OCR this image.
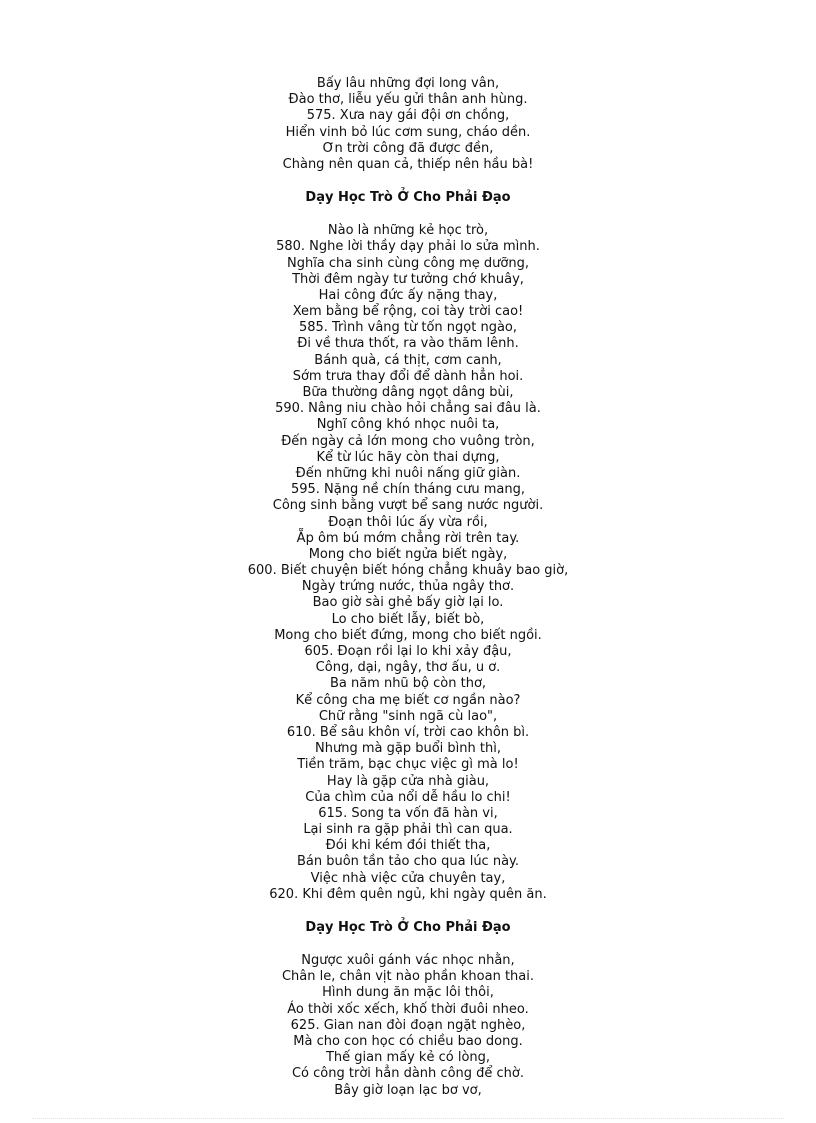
Bấy lâu những đợi long vân,
Đào thơ, liễu yếu gửi thân anh hùng.
575. Xưa nay gái đội ơn chồng,
Hiển vinh bỏ lúc cơm sung, cháo dền.
Ơn trời công đã được đền,
Chàng nên quan cả, thiếp nên hầu bà!
Dạy Học Trò Ở Cho Phải Đạo
Nào là những kẻ học trò,
580. Nghe lời thầy dạy phải lo sửa mình.
Nghĩa cha sinh cùng công mẹ dưỡng,
Thời đêm ngày tư tưởng chớ khuây,
Hai công đức ấy nặng thay,
Xem bằng bể rộng, coi tày trời cao!
585. Trình vâng từ tốn ngọt ngào,
Đi về thưa thốt, ra vào thăm lênh.
Bánh quà, cá thịt, cơm canh,
Sớm trưa thay đổi để dành hẳn hoi.
Bữa thường dâng ngọt dâng bùi,
590. Nâng niu chào hỏi chẳng sai đâu là.
Nghĩ công khó nhọc nuôi ta,
Đến ngày cả lớn mong cho vuông tròn,
Kể từ lúc hãy còn thai dựng,
Đến những khi nuôi nấng giữ giàn.
595. Nặng nề chín tháng cưu mang,
Công sinh bằng vượt bể sang nước người.
Đoạn thôi lúc ấy vừa rồi,
Ẵp ôm bú mớm chẳng rời trên tay.
Mong cho biết ngửa biết ngày,
600. Biết chuyện biết hóng chẳng khuây bao giờ,
Ngày trứng nước, thủa ngây thơ.
Bao giờ sài ghẻ bấy giờ lại lo.
Lo cho biết lẫy, biết bò,
Mong cho biết đứng, mong cho biết ngồi.
605. Đoạn rồi lại lo khi xảy đậu,
Công, dại, ngây, thơ ấu, u ơ.
Ba năm nhũ bộ còn thơ,
Kể công cha mẹ biết cơ ngần nào?
Chữ rằng "sinh ngã cù lao",
610. Bể sâu khôn ví, trời cao khôn bì.
Nhưng mà gặp buổi bình thì,
Tiền trăm, bạc chục việc gì mà lo!
Hay là gặp cửa nhà giàu,
Của chìm của nổi dễ hầu lo chi!
615. Song ta vốn đã hàn vi,
Lại sinh ra gặp phải thì can qua.
Đói khi kém đói thiết tha,
Bán buôn tần tảo cho qua lúc này.
Việc nhà việc cửa chuyên tay,
620. Khi đêm quên ngủ, khi ngày quên ăn.
Dạy Học Trò Ở Cho Phải Đạo
Ngược xuôi gánh vác nhọc nhằn,
Chân le, chân vịt nào phần khoan thai.
Hình dung ăn mặc lôi thôi,
Áo thời xốc xếch, khố thời đuôi nheo.
625. Gian nan đòi đoạn ngặt nghèo,
Mà cho con học có chiều bao dong.
Thế gian mấy kẻ có lòng,
Có công trời hẳn dành công để chờ.
Bây giờ loạn lạc bơ vơ,
